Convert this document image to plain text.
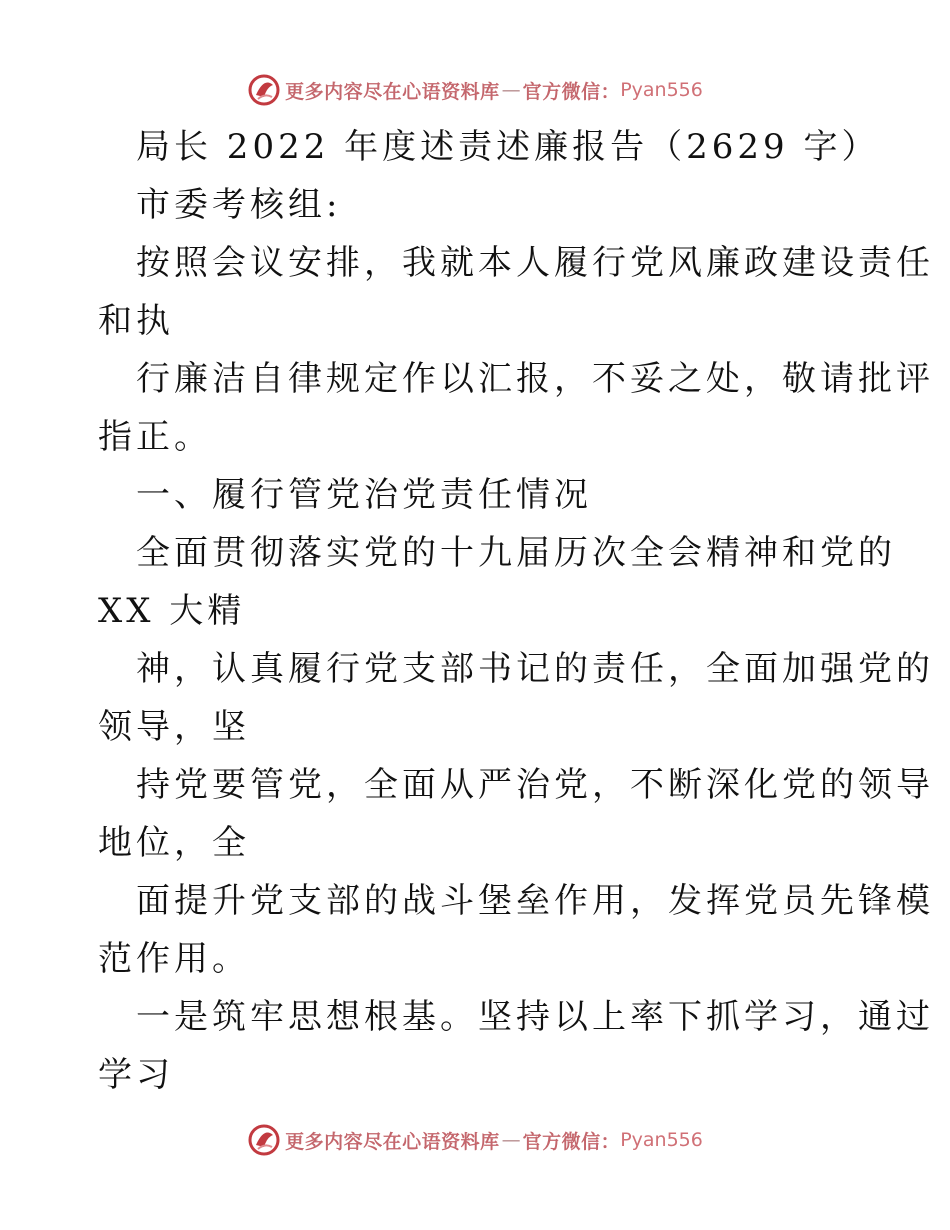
更多内容尽在心语资料库 — 官方微信： Pyan556
局长 2022 年度述责述廉报告（2629 字）
市委考核组:
按照会议安排，我就本人履行党风廉政建设责任
和执
行廉洁自律规定作以汇报，不妥之处，敬请批评
指正。
一、履行管党治党责任情况
全面贯彻落实党的十九届历次全会精神和党的
XX 大精
神，认真履行党支部书记的责任，全面加强党的
领导，坚
持党要管党，全面从严治党，不断深化党的领导
地位，全
面提升党支部的战斗堡垒作用，发挥党员先锋模
范作用。
一是筑牢思想根基。坚持以上率下抓学习，通过
学习
更多内容尽在心语资料库 — 官方微信： Pyan556
